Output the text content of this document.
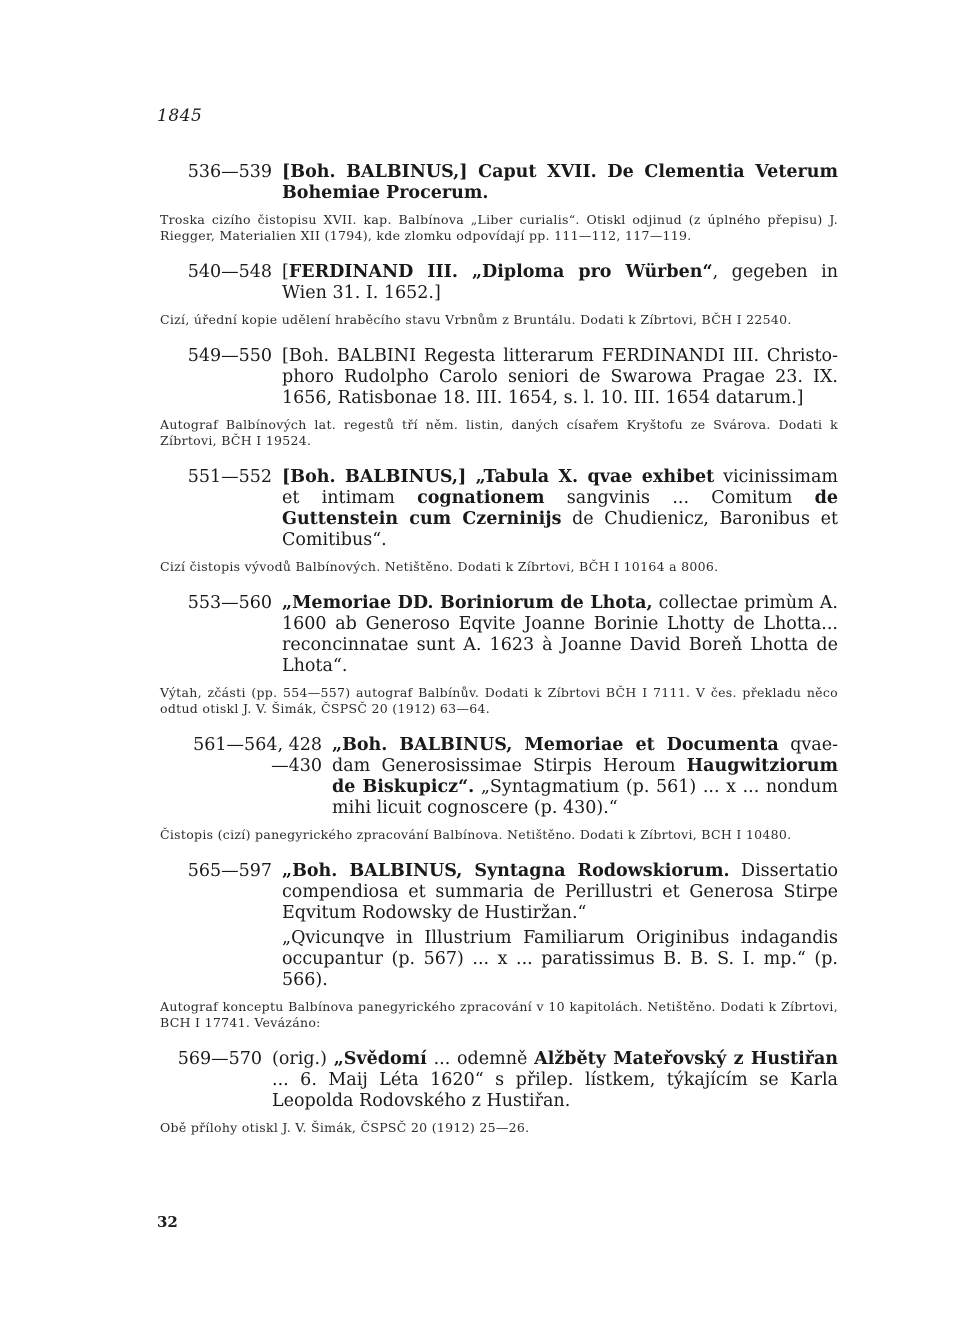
1845
536—539 [Boh. BALBINUS,] Caput XVII. De Clementia Veterum Bohemiae Procerum.
Troska cizího čistopisu XVII. kap. Balbínova „Liber curialis“. Otiskl odjinud (z úplného přepisu) J. Riegger, Materialien XII (1794), kde zlomku odpovídají pp. 111—112, 117—119.
540—548 [FERDINAND III. „Diploma pro Würben“, gegeben in Wien 31. I. 1652.]
Cizí, úřední kopie udělení hraběcího stavu Vrbnům z Bruntálu. Dodati k Zíbrtovi, BČH I 22540.
549—550 [Boh. BALBINI Regesta litterarum FERDINANDI III. Christophoro Rudolpho Carolo seniori de Swarowa Pragae 23. IX. 1656, Ratisbonae 18. III. 1654, s. l. 10. III. 1654 datarum.]
Autograf Balbínových lat. regestů tří něm. listin, daných císařem Kryštofu ze Svárova. Dodati k Zíbrtovi, BČH I 19524.
551—552 [Boh. BALBINUS,] „Tabula X. qvae exhibet vicinissimam et intimam cognationem sangvinis ... Comitum de Guttenstein cum Czerninijs de Chudienicz, Baronibus et Comitibus“.
Cizí čistopis vývodů Balbínových. Netištěno. Dodati k Zíbrtovi, BČH I 10164 a 8006.
553—560 „Memoriae DD. Boriniorum de Lhota, collectae primùm A. 1600 ab Generoso Eqvite Joanne Borinie Lhotty de Lhotta... reconcinnatae sunt A. 1623 à Joanne David Boreň Lhotta de Lhota“.
Výtah, zčásti (pp. 554—557) autograf Balbínův. Dodati k Zíbrtovi BČH I 7111. V čes. překladu něco odtud otiskl J. V. Šimák, ČSPSČ 20 (1912) 63—64.
561—564, 428—430
„Boh. BALBINUS, Memoriae et Documenta qvaedam Generosissimae Stirpis Heroum Haugwitziorum de Biskupicz“. „Syntagmatium (p. 561) ... x ... nondum mihi licuit cognoscere (p. 430).“
Čistopis (cizí) panegyrického zpracování Balbínova. Netištěno. Dodati k Zíbrtovi, BCH I 10480.
565—597 „Boh. BALBINUS, Syntagna Rodowskiorum. Dissertatio compendiosa et summaria de Perillustri et Generosa Stirpe Eqvitum Rodowsky de Hustiržan.“
„Qvicunqve in Illustrium Familiarum Originibus indagandis occupantur (p. 567) ... x ... paratissimus B. B. S. I. mp.“ (p. 566).
Autograf konceptu Balbínova panegyrického zpracování v 10 kapitolách. Netištěno. Dodati k Zíbrtovi, BCH I 17741. Vevázáno:
569—570 (orig.) „Svědomí ... odemně Alžběty Mateřovský z Hustiřan ... 6. Maij Léta 1620“ s přilep. lístkem, týkajícím se Karla Leopolda Rodovského z Hustiřan.
Obě přílohy otiskl J. V. Šimák, ČSPSČ 20 (1912) 25—26.
32
